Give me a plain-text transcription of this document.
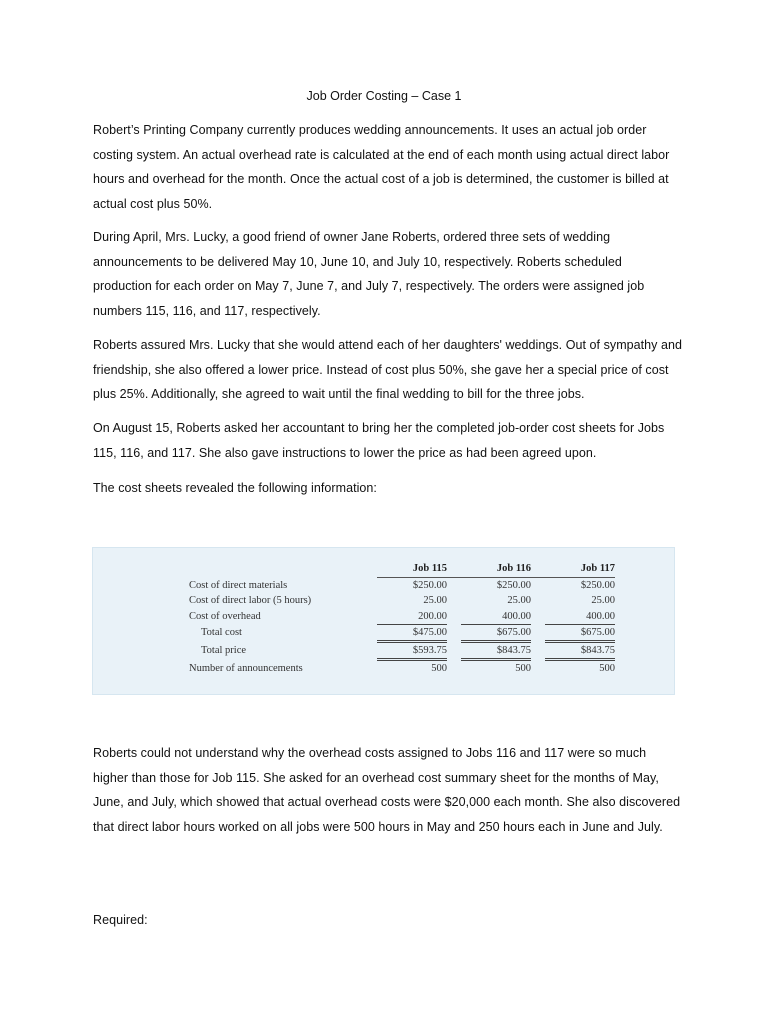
Job Order Costing – Case 1
Robert’s Printing Company currently produces wedding announcements. It uses an actual job order costing system. An actual overhead rate is calculated at the end of each month using actual direct labor hours and overhead for the month. Once the actual cost of a job is determined, the customer is billed at actual cost plus 50%.
During April, Mrs. Lucky, a good friend of owner Jane Roberts, ordered three sets of wedding announcements to be delivered May 10, June 10, and July 10, respectively. Roberts scheduled production for each order on May 7, June 7, and July 7, respectively. The orders were assigned job numbers 115, 116, and 117, respectively.
Roberts assured Mrs. Lucky that she would attend each of her daughters' weddings. Out of sympathy and friendship, she also offered a lower price. Instead of cost plus 50%, she gave her a special price of cost plus 25%. Additionally, she agreed to wait until the final wedding to bill for the three jobs.
On August 15, Roberts asked her accountant to bring her the completed job-order cost sheets for Jobs 115, 116, and 117. She also gave instructions to lower the price as had been agreed upon.
The cost sheets revealed the following information:
	Job 115		Job 116		Job 117
Cost of direct materials	$250.00		$250.00		$250.00
Cost of direct labor (5 hours)	25.00		25.00		25.00
Cost of overhead	200.00		400.00		400.00
Total cost	$475.00		$675.00		$675.00
Total price	$593.75		$843.75		$843.75
Number of announcements	500		500		500
Roberts could not understand why the overhead costs assigned to Jobs 116 and 117 were so much higher than those for Job 115. She asked for an overhead cost summary sheet for the months of May, June, and July, which showed that actual overhead costs were $20,000 each month. She also discovered that direct labor hours worked on all jobs were 500 hours in May and 250 hours each in June and July.
Required:
